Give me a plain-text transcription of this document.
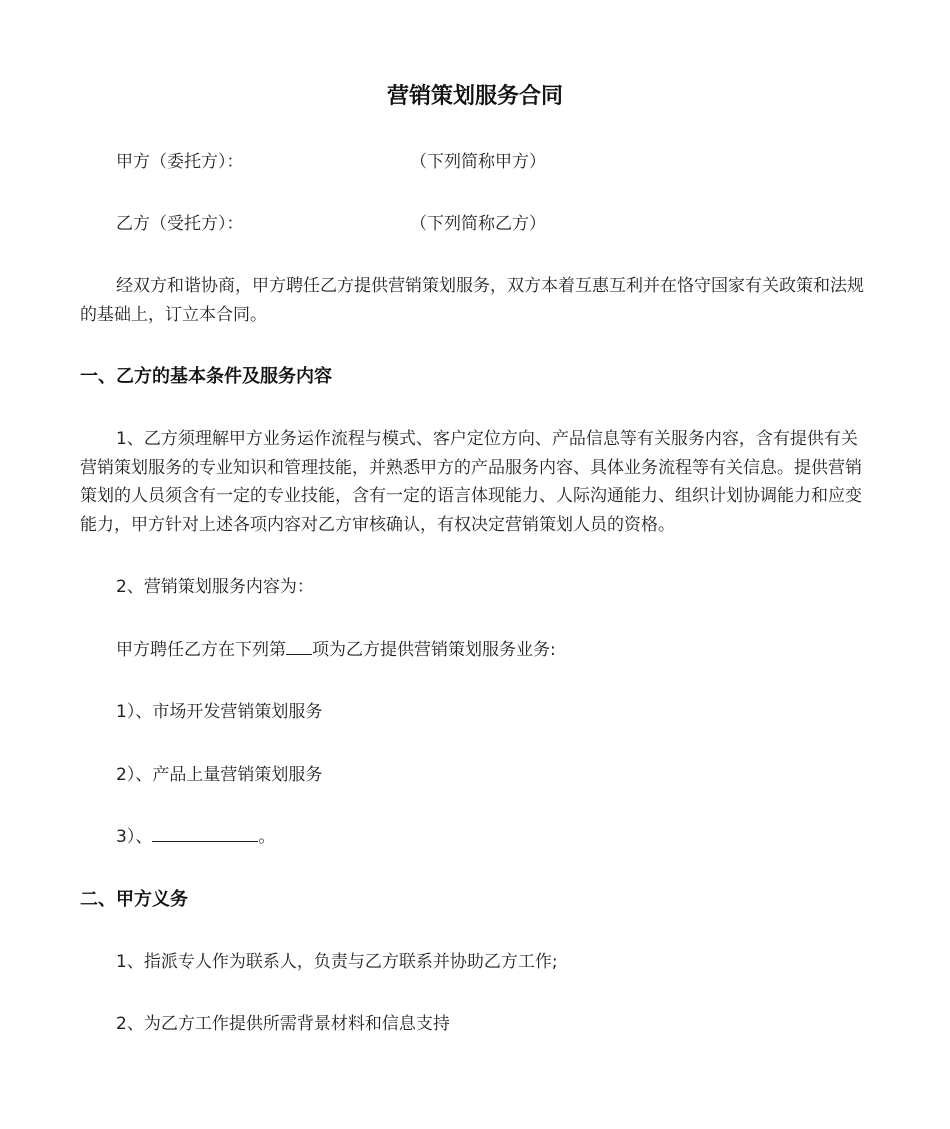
营销策划服务合同
甲方（委托方）：	（下列简称甲方）
乙方（受托方）：	（下列简称乙方）

经双方和谐协商，甲方聘任乙方提供营销策划服务，双方本着互惠互利并在恪守国家有关政策和法规的基础上，订立本合同。

一、乙方的基本条件及服务内容

1、乙方须理解甲方业务运作流程与模式、客户定位方向、产品信息等有关服务内容，含有提供有关营销策划服务的专业知识和管理技能，并熟悉甲方的产品服务内容、具体业务流程等有关信息。提供营销策划的人员须含有一定的专业技能，含有一定的语言体现能力、人际沟通能力、组织计划协调能力和应变能力，甲方针对上述各项内容对乙方审核确认，有权决定营销策划人员的资格。

2、营销策划服务内容为：

甲方聘任乙方在下列第 项为乙方提供营销策划服务业务:

1）、市场开发营销策划服务

2）、产品上量营销策划服务

3）、	。

二、甲方义务

1、指派专人作为联系人，负责与乙方联系并协助乙方工作;

2、为乙方工作提供所需背景材料和信息支持
